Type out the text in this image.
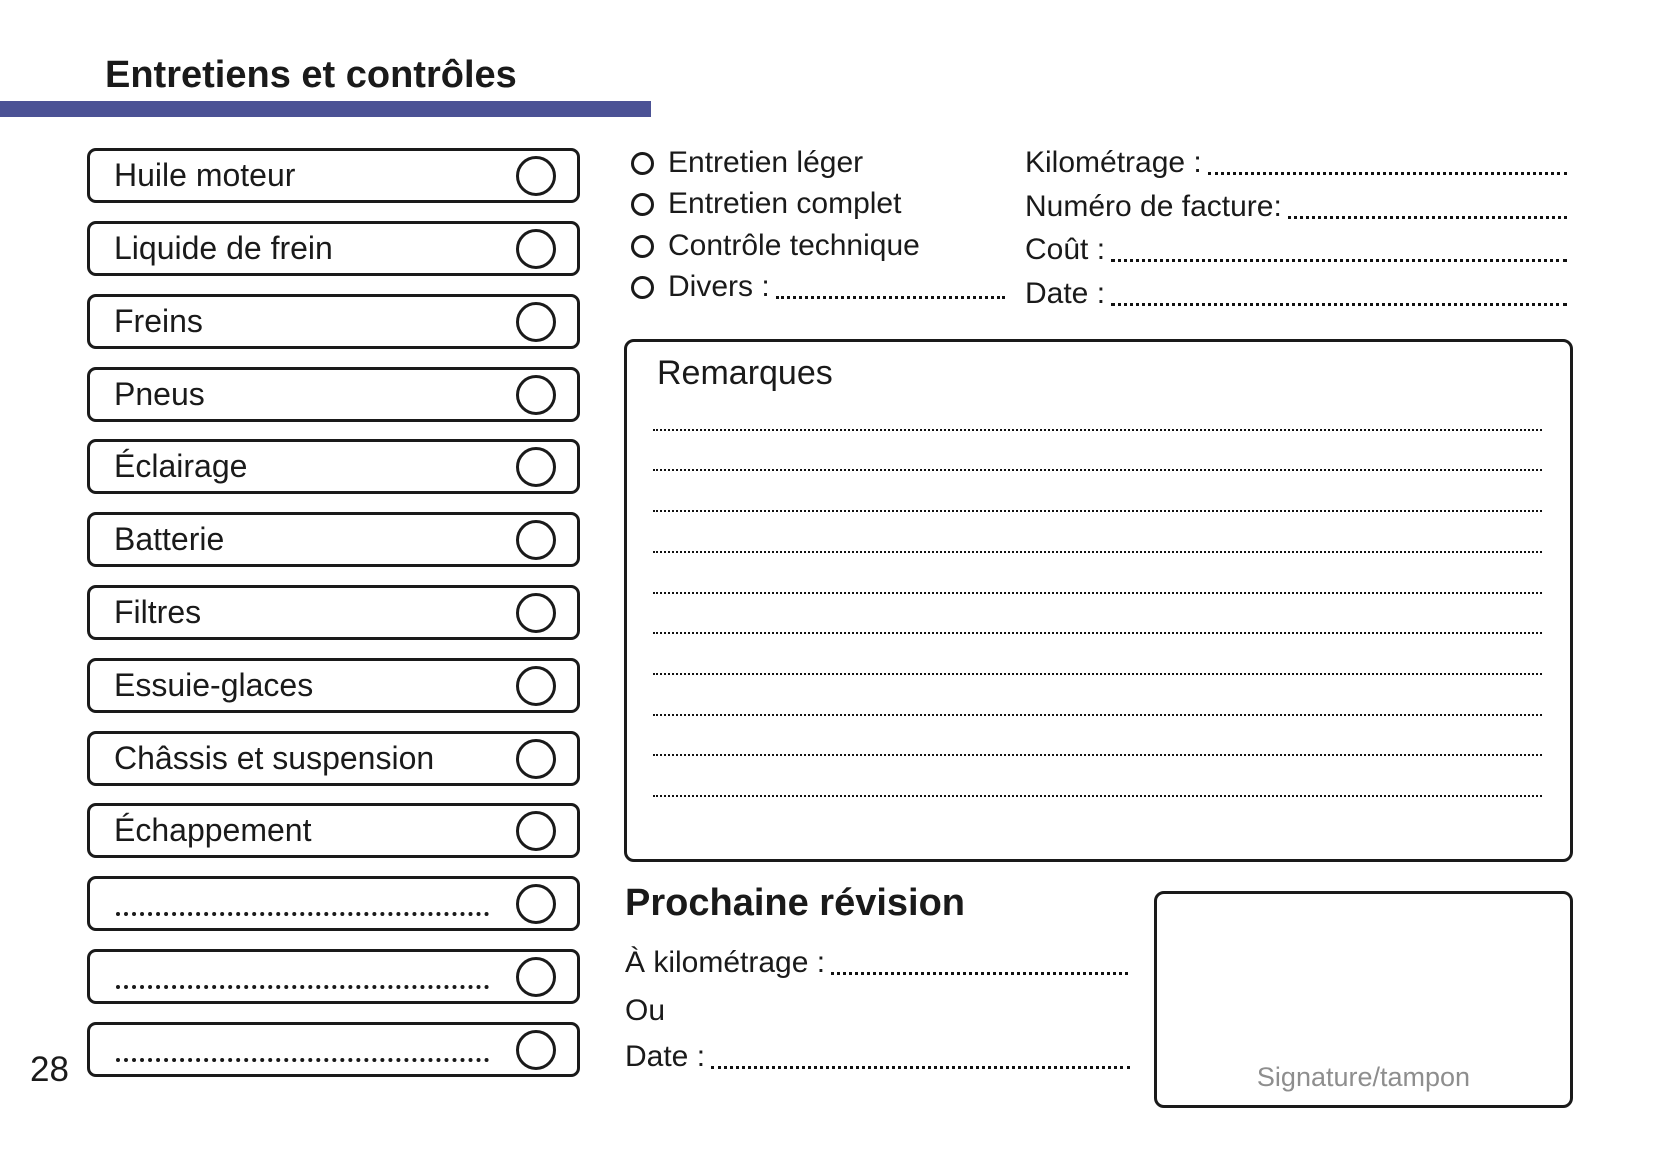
Entretiens et contrôles
Huile moteur
Liquide de frein
Freins
Pneus
Éclairage
Batterie
Filtres
Essuie-glaces
Châssis et suspension
Échappement
Entretien léger
Entretien complet
Contrôle technique
Divers :
Kilométrage :
Numéro de facture:
Coût :
Date :
Remarques
Prochaine révision
À kilométrage :
Ou
Date :
Signature/tampon
28
